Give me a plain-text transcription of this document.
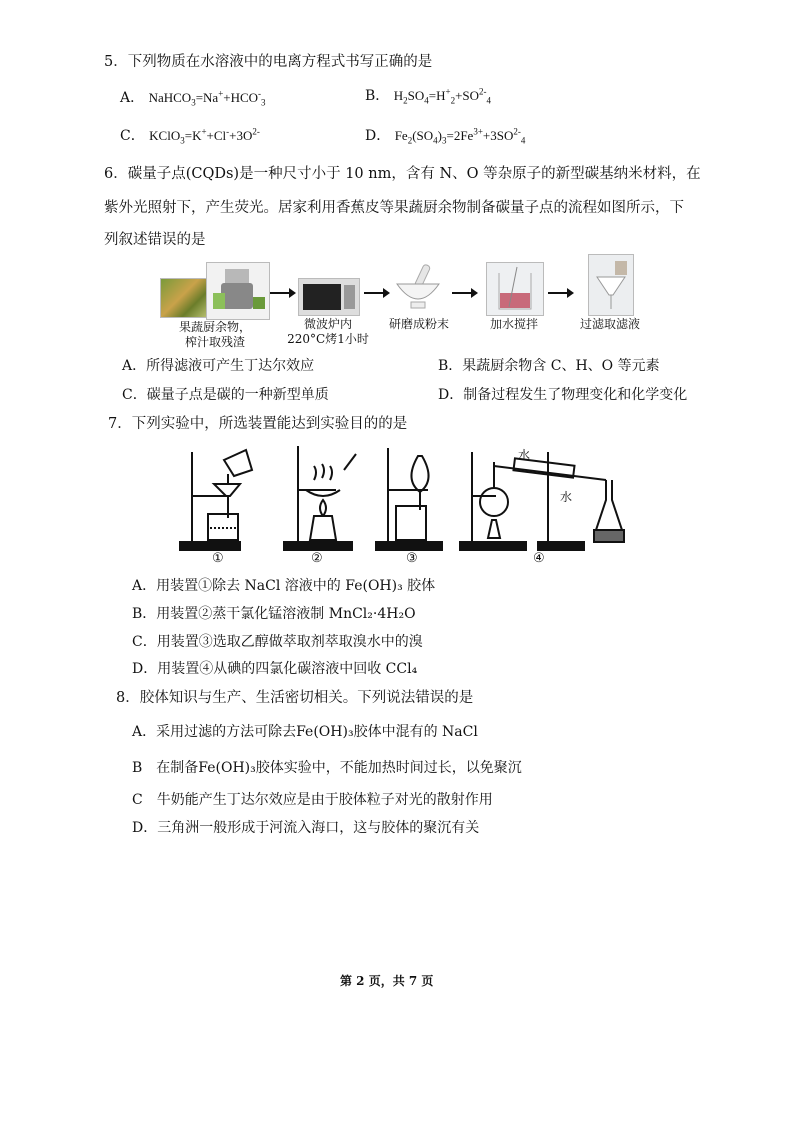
5．下列物质在水溶液中的电离方程式书写正确的是
A． $NaHCO_3=Na^++HCO^-_3$	B． $H_2SO_4=H^+_2+SO^{2-}_4$
C． $KClO_3=K^++Cl^-+3O^{2-}$	D． $Fe_2(SO_4)_3=2Fe^{3+}+3SO^{2-}_4$
6．碳量子点(CQDs)是一种尺寸小于 10 nm，含有 N、O 等杂原子的新型碳基纳米材料，在
紫外光照射下，产生荧光。居家利用香蕉皮等果蔬厨余物制备碳量子点的流程如图所示，下
列叙述错误的是
果蔬厨余物，
榨汁取残渣
微波炉内
220°C烤1小时
研磨成粉末	加水搅拌	过滤取滤液
A．所得滤液可产生丁达尔效应	B．果蔬厨余物含 C、H、O 等元素
C．碳量子点是碳的一种新型单质	D．制备过程发生了物理变化和化学变化
7．下列实验中，所选装置能达到实验目的的是
水
水
①	②	③	④
A．用装置①除去 NaCl 溶液中的 Fe(OH)₃ 胶体
B．用装置②蒸干氯化锰溶液制 MnCl₂·4H₂O
C．用装置③选取乙醇做萃取剂萃取溴水中的溴
D．用装置④从碘的四氯化碳溶液中回收 CCl₄
8．胶体知识与生产、生活密切相关。下列说法错误的是
A．采用过滤的方法可除去Fe(OH)₃胶体中混有的 NaCl
B　在制备Fe(OH)₃胶体实验中，不能加热时间过长，以免聚沉
C　牛奶能产生丁达尔效应是由于胶体粒子对光的散射作用
D．三角洲一般形成于河流入海口，这与胶体的聚沉有关
第 2 页，共 7 页
